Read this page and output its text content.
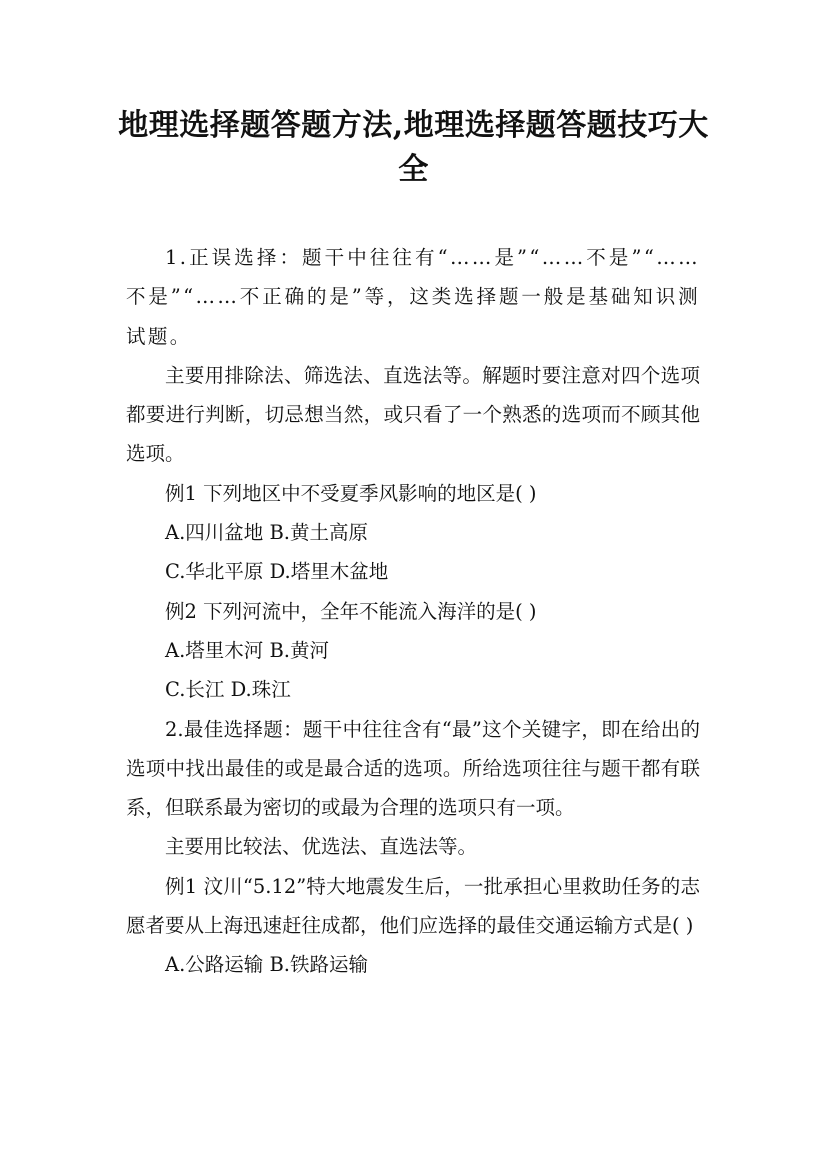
地理选择题答题方法,地理选择题答题技巧大全

1.正误选择：题干中往往有“……是”“……不是”“……不是”“……不正确的是”等，这类选择题一般是基础知识测试题。

主要用排除法、筛选法、直选法等。解题时要注意对四个选项都要进行判断，切忌想当然，或只看了一个熟悉的选项而不顾其他选项。

例1 下列地区中不受夏季风影响的地区是( )

A.四川盆地 B.黄土高原

C.华北平原 D.塔里木盆地

例2 下列河流中，全年不能流入海洋的是( )

A.塔里木河 B.黄河

C.长江 D.珠江

2.最佳选择题：题干中往往含有“最”这个关键字，即在给出的选项中找出最佳的或是最合适的选项。所给选项往往与题干都有联系，但联系最为密切的或最为合理的选项只有一项。

主要用比较法、优选法、直选法等。

例1 汶川“5.12”特大地震发生后，一批承担心里救助任务的志愿者要从上海迅速赶往成都，他们应选择的最佳交通运输方式是( )

A.公路运输 B.铁路运输
